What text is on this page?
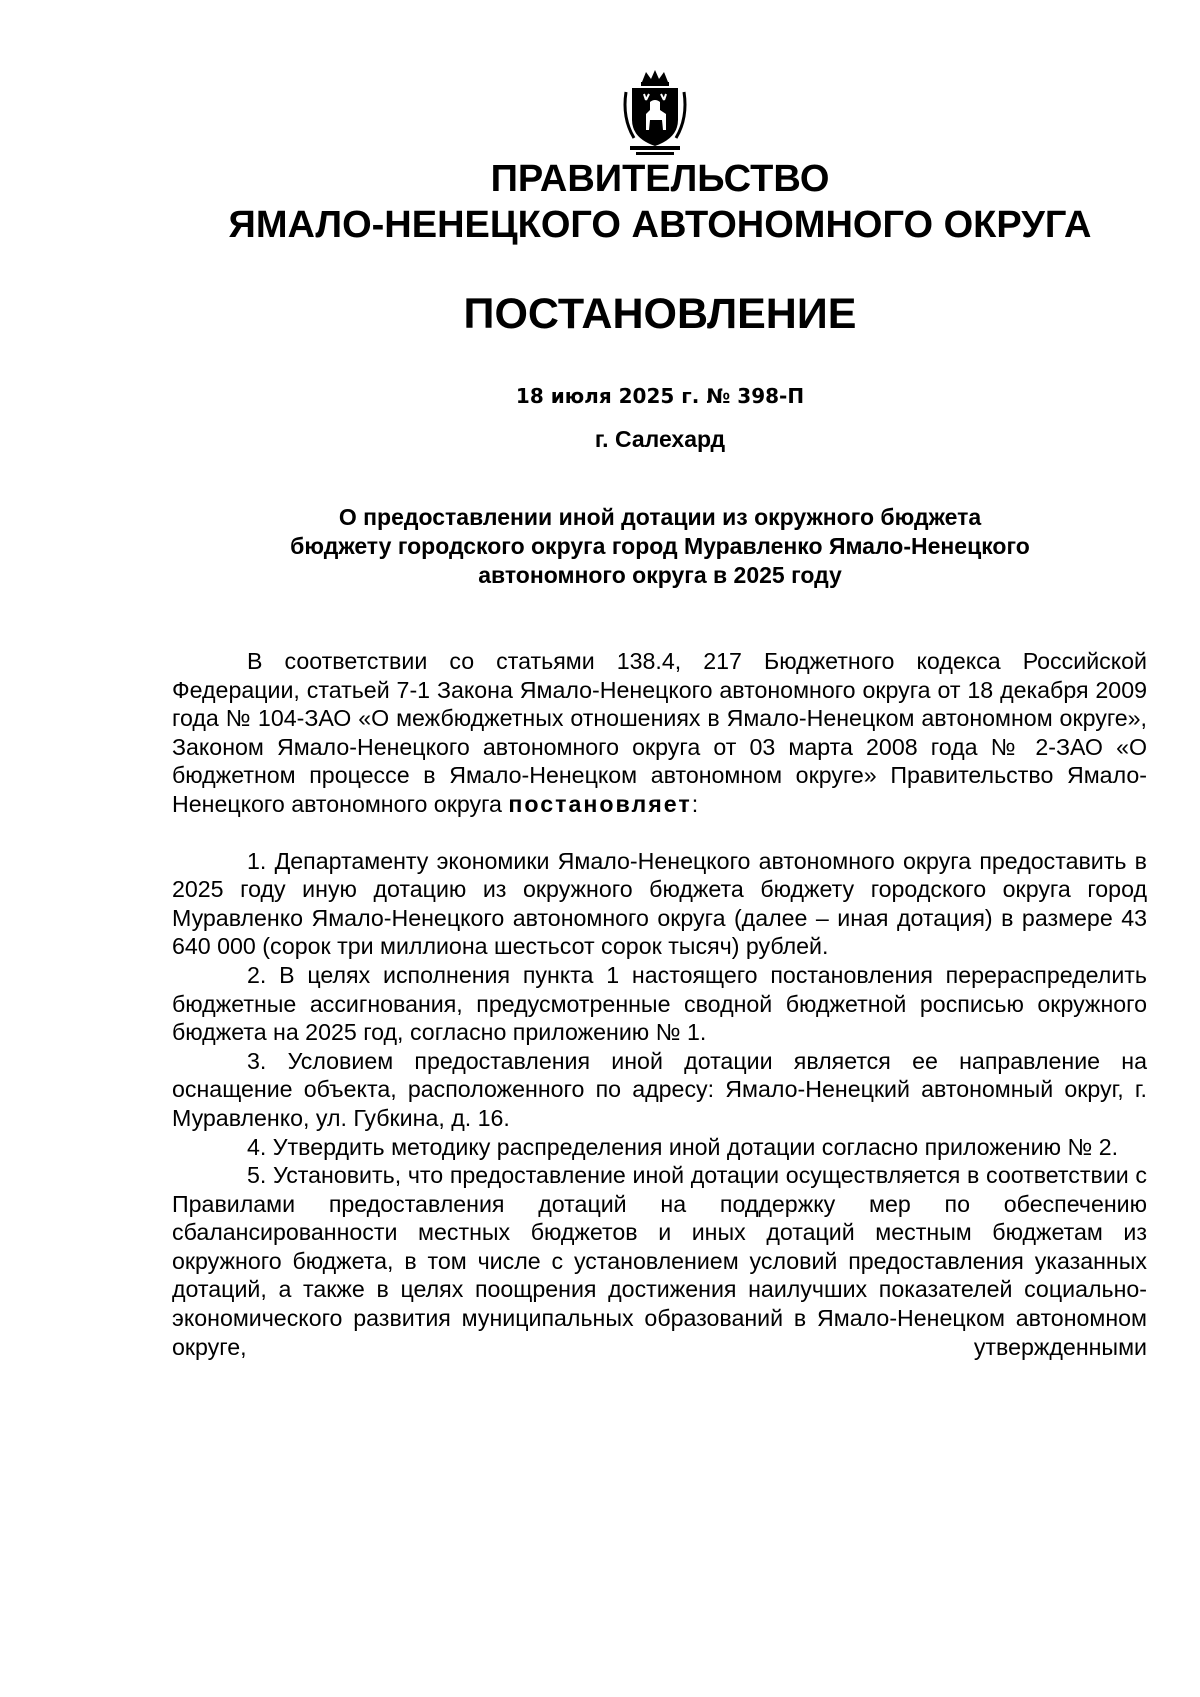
ПРАВИТЕЛЬСТВО
ЯМАЛО-НЕНЕЦКОГО АВТОНОМНОГО ОКРУГА
ПОСТАНОВЛЕНИЕ
18 июля 2025 г. № 398-П
г. Салехард
О предоставлении иной дотации из окружного бюджета
бюджету городского округа город Муравленко Ямало-Ненецкого
автономного округа в 2025 году

В соответствии со статьями 138.4, 217 Бюджетного кодекса Российской Федерации, статьей 7-1 Закона Ямало-Ненецкого автономного округа от 18 декабря 2009 года № 104-ЗАО «О межбюджетных отношениях в Ямало-Ненецком автономном округе», Законом Ямало-Ненецкого автономного округа от 03 марта 2008 года № 2-ЗАО «О бюджетном процессе в Ямало-Ненецком автономном округе» Правительство Ямало-Ненецкого автономного округа постановляет:

1. Департаменту экономики Ямало-Ненецкого автономного округа предоставить в 2025 году иную дотацию из окружного бюджета бюджету городского округа город Муравленко Ямало-Ненецкого автономного округа (далее – иная дотация) в размере 43 640 000 (сорок три миллиона шестьсот сорок тысяч) рублей.

2. В целях исполнения пункта 1 настоящего постановления перераспределить бюджетные ассигнования, предусмотренные сводной бюджетной росписью окружного бюджета на 2025 год, согласно приложению № 1.

3. Условием предоставления иной дотации является ее направление на оснащение объекта, расположенного по адресу: Ямало-Ненецкий автономный округ, г. Муравленко, ул. Губкина, д. 16.

4. Утвердить методику распределения иной дотации согласно приложению № 2.

5. Установить, что предоставление иной дотации осуществляется в соответствии с Правилами предоставления дотаций на поддержку мер по обеспечению сбалансированности местных бюджетов и иных дотаций местным бюджетам из окружного бюджета, в том числе с установлением условий предоставления указанных дотаций, а также в целях поощрения достижения наилучших показателей социально-экономического развития муниципальных образований в Ямало-Ненецком автономном округе, утвержденными
